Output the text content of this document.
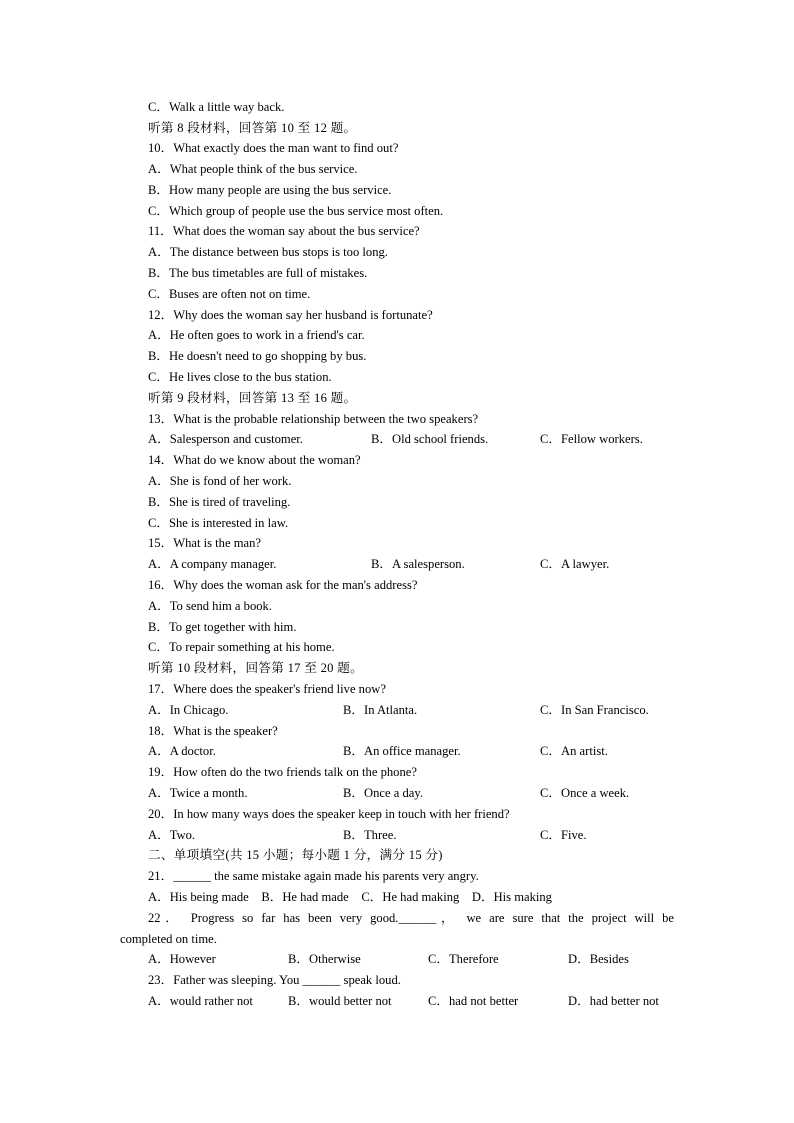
C．Walk a little way back.
听第 8 段材料，回答第 10 至 12 题。
10．What exactly does the man want to find out?
A．What people think of the bus service.
B．How many people are using the bus service.
C．Which group of people use the bus service most often.
11．What does the woman say about the bus service?
A．The distance between bus stops is too long.
B．The bus timetables are full of mistakes.
C．Buses are often not on time.
12．Why does the woman say her husband is fortunate?
A．He often goes to work in a friend's car.
B．He doesn't need to go shopping by bus.
C．He lives close to the bus station.
听第 9 段材料，回答第 13 至 16 题。
13．What is the probable relationship between the two speakers?
A．Salesperson and customer.	B．Old school friends.	C．Fellow workers.
14．What do we know about the woman?
A．She is fond of her work.
B．She is tired of traveling.
C．She is interested in law.
15．What is the man?
A．A company manager.	B．A salesperson.	C．A lawyer.
16．Why does the woman ask for the man's address?
A．To send him a book.
B．To get together with him.
C．To repair something at his home.
听第 10 段材料，回答第 17 至 20 题。
17．Where does the speaker's friend live now?
A．In Chicago.	B．In Atlanta.	C．In San Francisco.
18．What is the speaker?
A．A doctor.	B．An office manager.	C．An artist.
19．How often do the two friends talk on the phone?
A．Twice a month.	B．Once a day.	C．Once a week.
20．In how many ways does the speaker keep in touch with her friend?
A．Two.	B．Three.	C．Five.
二、单项填空(共 15 小题；每小题 1 分，满分 15 分)
21．______ the same mistake again made his parents very angry.
A．His being made    B．He had made    C．He had making    D．His making
22． Progress so far has been very good.______， we are sure that the project will be
completed on time.
A．However	B．Otherwise	C．Therefore	D．Besides
23．Father was sleeping. You ______ speak loud.
A．would rather not	B．would better not	C．had not better	D．had better not
